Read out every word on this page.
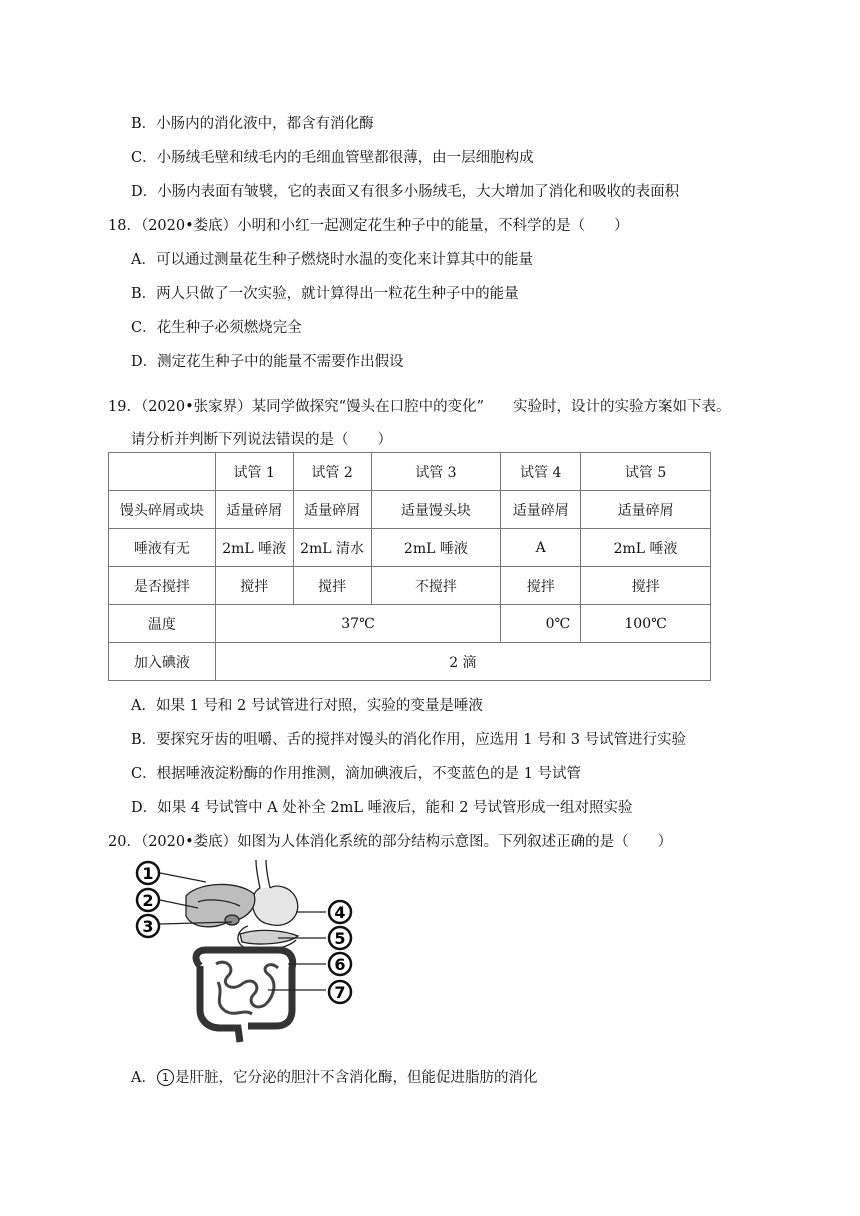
B．小肠内的消化液中，都含有消化酶
C．小肠绒毛壁和绒毛内的毛细血管壁都很薄，由一层细胞构成
D．小肠内表面有皱襞，它的表面又有很多小肠绒毛，大大增加了消化和吸收的表面积
18．（2020•娄底）小明和小红一起测定花生种子中的能量，不科学的是（　　）
A．可以通过测量花生种子燃烧时水温的变化来计算其中的能量
B．两人只做了一次实验，就计算得出一粒花生种子中的能量
C．花生种子必须燃烧完全
D．测定花生种子中的能量不需要作出假设
19．（2020•张家界）某同学做探究“馒头在口腔中的变化”　　实验时，设计的实验方案如下表。
请分析并判断下列说法错误的是（　　）
	试管 1	试管 2	试管 3	试管 4	试管 5
馒头碎屑或块	适量碎屑	适量碎屑	适量馒头块	适量碎屑	适量碎屑
唾液有无	2mL 唾液	2mL 清水	2mL 唾液	A	2mL 唾液
是否搅拌	搅拌	搅拌	不搅拌	搅拌	搅拌
温度	37℃			0℃	100℃
加入碘液	2 滴				
A．如果 1 号和 2 号试管进行对照，实验的变量是唾液
B．要探究牙齿的咀嚼、舌的搅拌对馒头的消化作用，应选用 1 号和 3 号试管进行实验
C．根据唾液淀粉酶的作用推测，滴加碘液后，不变蓝色的是 1 号试管
D．如果 4 号试管中 A 处补全 2mL 唾液后，能和 2 号试管形成一组对照实验
20．（2020•娄底）如图为人体消化系统的部分结构示意图。下列叙述正确的是（　　）
1
2
3
4
5
6
7
A． 1 是肝脏，它分泌的胆汁不含消化酶，但能促进脂肪的消化
